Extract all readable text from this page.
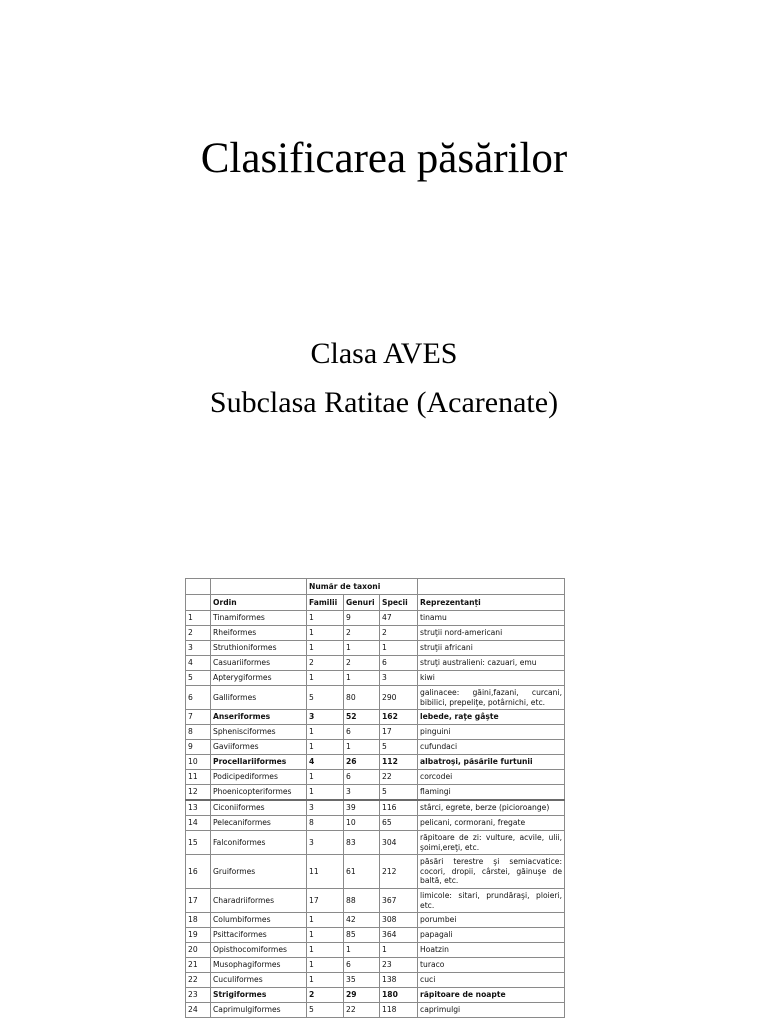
Clasificarea păsărilor
Clasa AVES
Subclasa Ratitae (Acarenate)
		Număr de taxoni			
	Ordin	Familii	Genuri	Specii	Reprezentanți
1	Tinamiformes	1	9	47	tinamu
2	Rheiformes	1	2	2	struţii nord-americani
3	Struthioniformes	1	1	1	struţii africani
4	Casuariiformes	2	2	6	struţi australieni: cazuari, emu
5	Apterygiformes	1	1	3	kiwi
6	Galliformes	5	80	290	galinacee: găini,fazani, curcani, bibilici, prepeliţe, potârnichi, etc.
7	Anseriformes	3	52	162	lebede, raţe gâşte
8	Sphenisciformes	1	6	17	pinguini
9	Gaviiformes	1	1	5	cufundaci
10	Procellariiformes	4	26	112	albatroşi, păsările furtunii
11	Podicipediformes	1	6	22	corcodei
12	Phoenicopteriformes	1	3	5	flamingi
13	Ciconiiformes	3	39	116	stârci, egrete, berze (picioroange)
14	Pelecaniformes	8	10	65	pelicani, cormorani, fregate
15	Falconiformes	3	83	304	răpitoare de zi: vulture, acvile, ulii, şoimi,ereţi, etc.
16	Gruiformes	11	61	212	păsări terestre şi semiacvatice: cocori, dropii, cârstei, găinuşe de baltă, etc.
17	Charadriiformes	17	88	367	limicole: sitari, prundăraşi, ploieri, etc.
18	Columbiformes	1	42	308	porumbei
19	Psittaciformes	1	85	364	papagali
20	Opisthocomiformes	1	1	1	Hoatzin
21	Musophagiformes	1	6	23	turaco
22	Cuculiformes	1	35	138	cuci
23	Strigiformes	2	29	180	răpitoare de noapte
24	Caprimulgiformes	5	22	118	caprimulgi
